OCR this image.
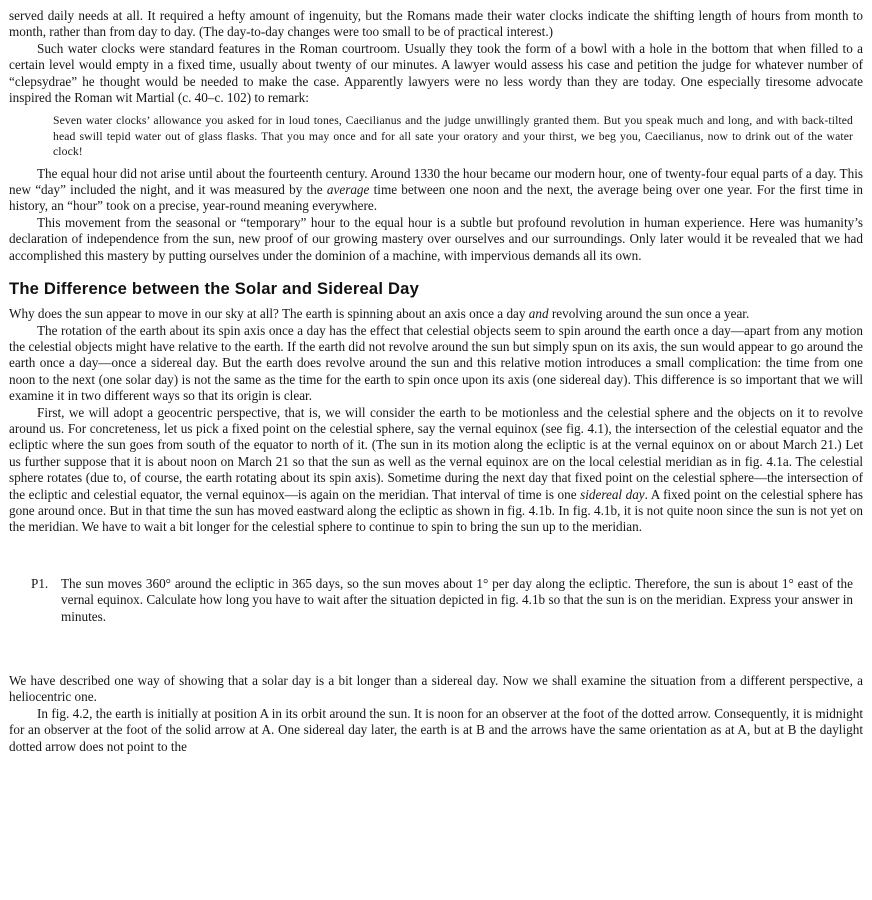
served daily needs at all. It required a hefty amount of ingenuity, but the Romans made their water clocks indicate the shifting length of hours from month to month, rather than from day to day. (The day-to-day changes were too small to be of practical interest.)

Such water clocks were standard features in the Roman courtroom. Usually they took the form of a bowl with a hole in the bottom that when filled to a certain level would empty in a fixed time, usually about twenty of our minutes. A lawyer would assess his case and petition the judge for whatever number of “clepsydrae” he thought would be needed to make the case. Apparently lawyers were no less wordy than they are today. One especially tiresome advocate inspired the Roman wit Martial (c. 40–c. 102) to remark:

Seven water clocks’ allowance you asked for in loud tones, Caecilianus and the judge unwillingly granted them. But you speak much and long, and with back-tilted head swill tepid water out of glass flasks. That you may once and for all sate your oratory and your thirst, we beg you, Caecilianus, now to drink out of the water clock!

The equal hour did not arise until about the fourteenth century. Around 1330 the hour became our modern hour, one of twenty-four equal parts of a day. This new “day” included the night, and it was measured by the average time between one noon and the next, the average being over one year. For the first time in history, an “hour” took on a precise, year-round meaning everywhere.

This movement from the seasonal or “temporary” hour to the equal hour is a subtle but profound revolution in human experience. Here was humanity’s declaration of independence from the sun, new proof of our growing mastery over ourselves and our surroundings. Only later would it be revealed that we had accomplished this mastery by putting ourselves under the dominion of a machine, with impervious demands all its own.

The Difference between the Solar and Sidereal Day

Why does the sun appear to move in our sky at all? The earth is spinning about an axis once a day and revolving around the sun once a year.

The rotation of the earth about its spin axis once a day has the effect that celestial objects seem to spin around the earth once a day—apart from any motion the celestial objects might have relative to the earth. If the earth did not revolve around the sun but simply spun on its axis, the sun would appear to go around the earth once a day—once a sidereal day. But the earth does revolve around the sun and this relative motion introduces a small complication: the time from one noon to the next (one solar day) is not the same as the time for the earth to spin once upon its axis (one sidereal day). This difference is so important that we will examine it in two different ways so that its origin is clear.

First, we will adopt a geocentric perspective, that is, we will consider the earth to be motionless and the celestial sphere and the objects on it to revolve around us. For concreteness, let us pick a fixed point on the celestial sphere, say the vernal equinox (see fig. 4.1), the intersection of the celestial equator and the ecliptic where the sun goes from south of the equator to north of it. (The sun in its motion along the ecliptic is at the vernal equinox on or about March 21.) Let us further suppose that it is about noon on March 21 so that the sun as well as the vernal equinox are on the local celestial meridian as in fig. 4.1a. The celestial sphere rotates (due to, of course, the earth rotating about its spin axis). Sometime during the next day that fixed point on the celestial sphere—the intersection of the ecliptic and celestial equator, the vernal equinox—is again on the meridian. That interval of time is one sidereal day. A fixed point on the celestial sphere has gone around once. But in that time the sun has moved eastward along the ecliptic as shown in fig. 4.1b. In fig. 4.1b, it is not quite noon since the sun is not yet on the meridian. We have to wait a bit longer for the celestial sphere to continue to spin to bring the sun up to the meridian.

P1. The sun moves 360° around the ecliptic in 365 days, so the sun moves about 1° per day along the ecliptic. Therefore, the sun is about 1° east of the vernal equinox. Calculate how long you have to wait after the situation depicted in fig. 4.1b so that the sun is on the meridian. Express your answer in minutes.

We have described one way of showing that a solar day is a bit longer than a sidereal day. Now we shall examine the situation from a different perspective, a heliocentric one.

In fig. 4.2, the earth is initially at position A in its orbit around the sun. It is noon for an observer at the foot of the dotted arrow. Consequently, it is midnight for an observer at the foot of the solid arrow at A. One sidereal day later, the earth is at B and the arrows have the same orientation as at A, but at B the daylight dotted arrow does not point to the
